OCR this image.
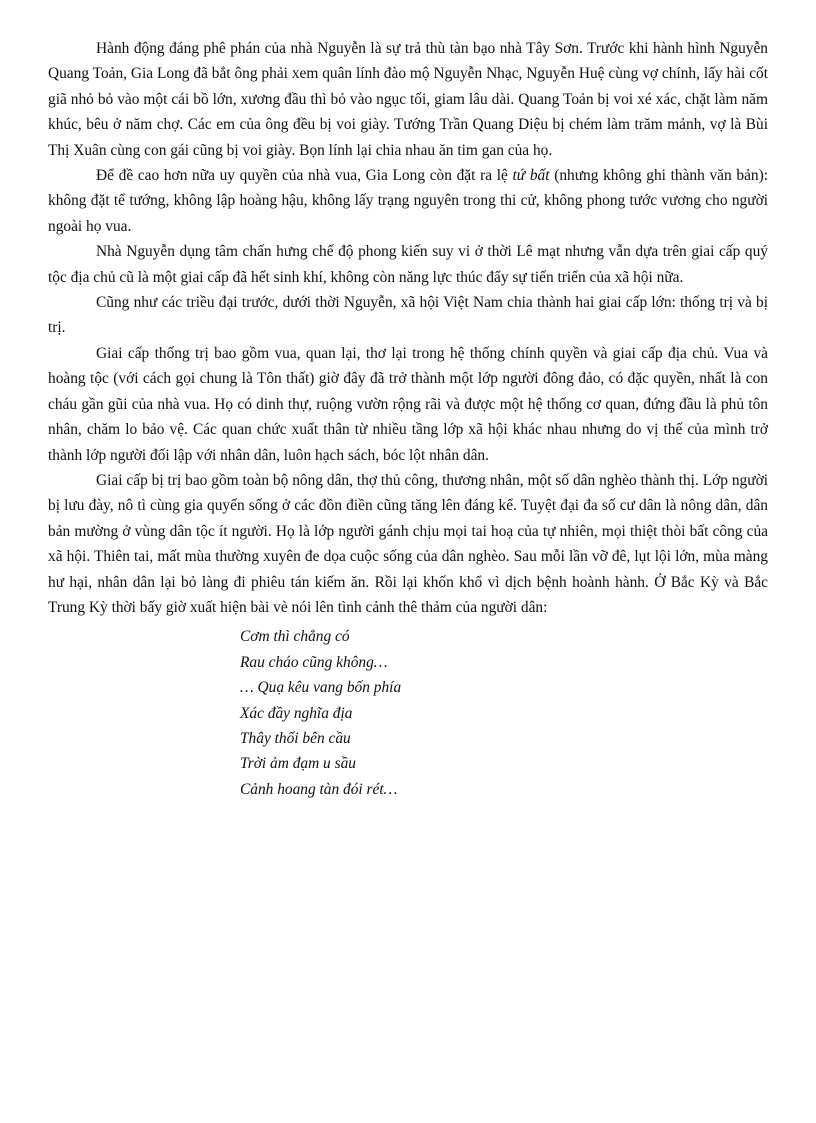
Hành động đáng phê phán của nhà Nguyễn là sự trả thù tàn bạo nhà Tây Sơn. Trước khi hành hình Nguyễn Quang Toản, Gia Long đã bắt ông phải xem quân lính đào mộ Nguyễn Nhạc, Nguyễn Huệ cùng vợ chính, lấy hài cốt giã nhỏ bỏ vào một cái bồ lớn, xương đầu thì bỏ vào ngục tối, giam lâu dài. Quang Toản bị voi xé xác, chặt làm năm khúc, bêu ở năm chợ. Các em của ông đều bị voi giày. Tướng Trần Quang Diệu bị chém làm trăm mảnh, vợ là Bùi Thị Xuân cùng con gái cũng bị voi giày. Bọn lính lại chia nhau ăn tim gan của họ.

Để đề cao hơn nữa uy quyền của nhà vua, Gia Long còn đặt ra lệ tứ bất (nhưng không ghi thành văn bản): không đặt tể tướng, không lập hoàng hậu, không lấy trạng nguyên trong thi cử, không phong tước vương cho người ngoài họ vua.

Nhà Nguyễn dụng tâm chấn hưng chế độ phong kiến suy vi ở thời Lê mạt nhưng vẫn dựa trên giai cấp quý tộc địa chủ cũ là một giai cấp đã hết sinh khí, không còn năng lực thúc đẩy sự tiến triển của xã hội nữa.

Cũng như các triều đại trước, dưới thời Nguyễn, xã hội Việt Nam chia thành hai giai cấp lớn: thống trị và bị trị.

Giai cấp thống trị bao gồm vua, quan lại, thơ lại trong hệ thống chính quyền và giai cấp địa chủ. Vua và hoàng tộc (với cách gọi chung là Tôn thất) giờ đây đã trở thành một lớp người đông đảo, có đặc quyền, nhất là con cháu gần gũi của nhà vua. Họ có dinh thự, ruộng vườn rộng rãi và được một hệ thống cơ quan, đứng đầu là phủ tôn nhân, chăm lo bảo vệ. Các quan chức xuất thân từ nhiều tầng lớp xã hội khác nhau nhưng do vị thế của mình trở thành lớp người đối lập với nhân dân, luôn hạch sách, bóc lột nhân dân.

Giai cấp bị trị bao gồm toàn bộ nông dân, thợ thủ công, thương nhân, một số dân nghèo thành thị. Lớp người bị lưu đày, nô tì cùng gia quyến sống ở các đồn điền cũng tăng lên đáng kể. Tuyệt đại đa số cư dân là nông dân, dân bản mường ở vùng dân tộc ít người. Họ là lớp người gánh chịu mọi tai hoạ của tự nhiên, mọi thiệt thòi bất công của xã hội. Thiên tai, mất mùa thường xuyên đe dọa cuộc sống của dân nghèo. Sau mỗi lần vỡ đê, lụt lội lớn, mùa màng hư hại, nhân dân lại bỏ làng đi phiêu tán kiếm ăn. Rồi lại khốn khổ vì dịch bệnh hoành hành. Ở Bắc Kỳ và Bắc Trung Kỳ thời bấy giờ xuất hiện bài vè nói lên tình cảnh thê thảm của người dân:

Cơm thì chẳng có
Rau cháo cũng không…
… Quạ kêu vang bốn phía
Xác đầy nghĩa địa
Thây thối bên cầu
Trời ảm đạm u sầu
Cảnh hoang tàn đói rét…
